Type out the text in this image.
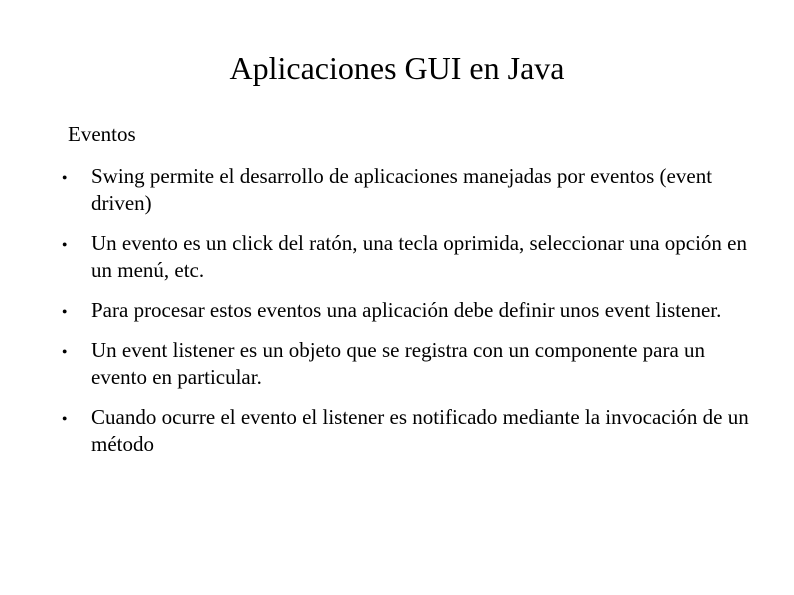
Aplicaciones GUI en Java

Eventos

● Swing permite el desarrollo de aplicaciones manejadas por eventos (event driven)
● Un evento es un click del ratón, una tecla oprimida, seleccionar una opción en un menú, etc.
● Para procesar estos eventos una aplicación debe definir unos event listener.
● Un event listener es un objeto que se registra con un componente para un evento en particular.
● Cuando ocurre el evento el listener es notificado mediante la invocación de un método
